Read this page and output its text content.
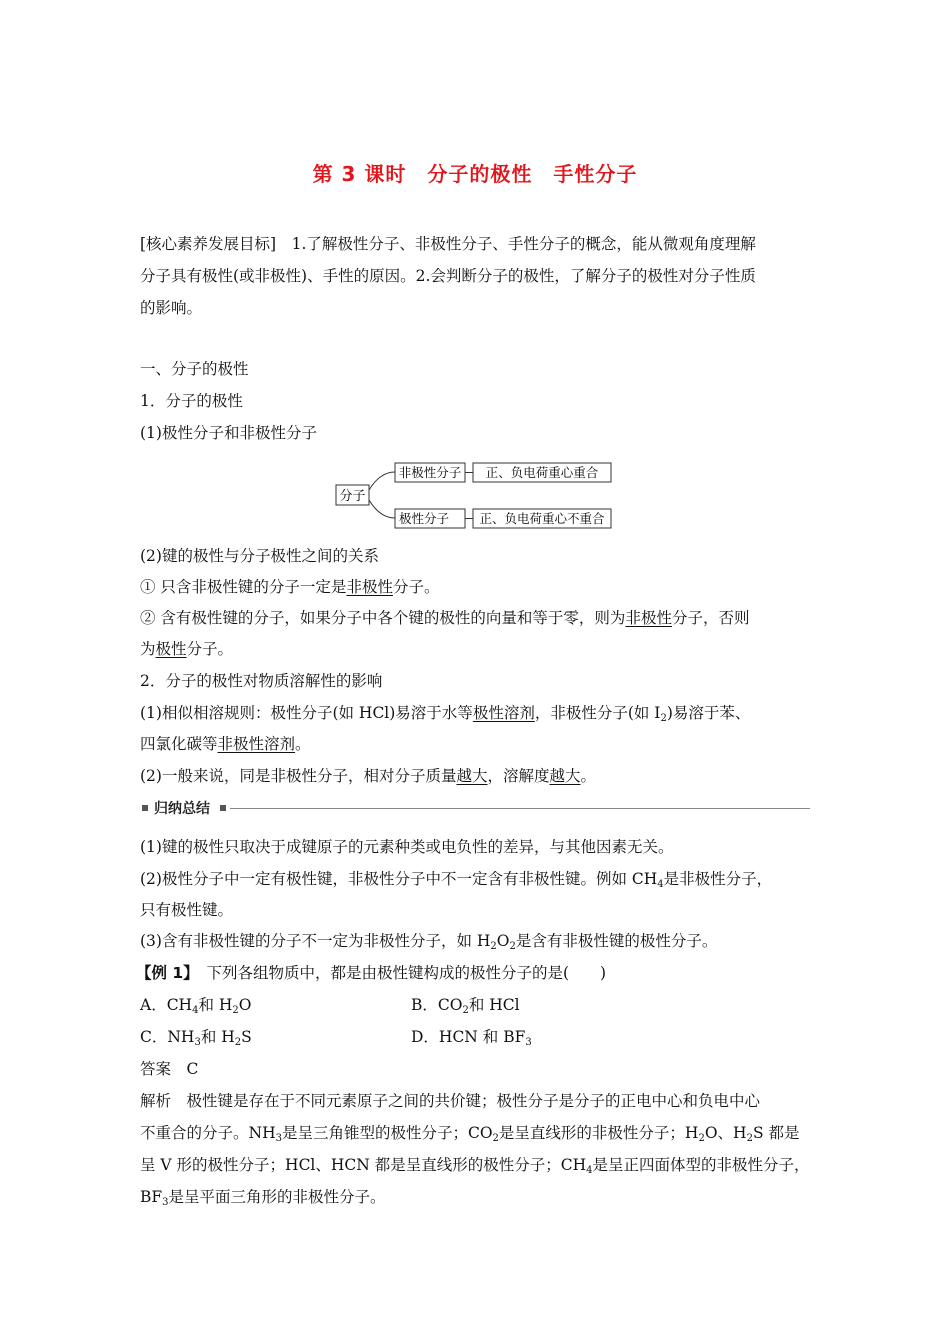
第 3 课时　分子的极性　手性分子
[核心素养发展目标]　1.了解极性分子、非极性分子、手性分子的概念，能从微观角度理解
分子具有极性(或非极性)、手性的原因。2.会判断分子的极性，了解分子的极性对分子性质
的影响。
一、分子的极性
1．分子的极性
(1)极性分子和非极性分子
分子
非极性分子 正、负电荷重心重合
极性分子 正、负电荷重心不重合
(2)键的极性与分子极性之间的关系
① 只含非极性键的分子一定是非极性分子。
② 含有极性键的分子，如果分子中各个键的极性的向量和等于零，则为非极性分子，否则
为极性分子。
2．分子的极性对物质溶解性的影响
(1)相似相溶规则：极性分子(如 HCl)易溶于水等极性溶剂，非极性分子(如 $I_2$)易溶于苯、
四氯化碳等非极性溶剂。
(2)一般来说，同是非极性分子，相对分子质量越大，溶解度越大。
归纳总结
(1)键的极性只取决于成键原子的元素种类或电负性的差异，与其他因素无关。
(2)极性分子中一定有极性键，非极性分子中不一定含有非极性键。例如 $CH_4$是非极性分子，
只有极性键。
(3)含有非极性键的分子不一定为非极性分子，如 $H_2O_2$是含有非极性键的极性分子。
【例 1】　 下列各组物质中，都是由极性键构成的极性分子的是(　　)
A．$CH_4$和 $H_2O$	B．$CO_2$和 HCl
C．$NH_3$和 $H_2S$	D．HCN 和 $BF_3$
答案　C
解析　极性键是存在于不同元素原子之间的共价键；极性分子是分子的正电中心和负电中心
不重合的分子。$NH_3$是呈三角锥型的极性分子；$CO_2$是呈直线形的非极性分子；$H_2O$、$H_2S$ 都是
呈 V 形的极性分子；HCl、HCN 都是呈直线形的极性分子；$CH_4$是呈正四面体型的非极性分子，
$BF_3$是呈平面三角形的非极性分子。
